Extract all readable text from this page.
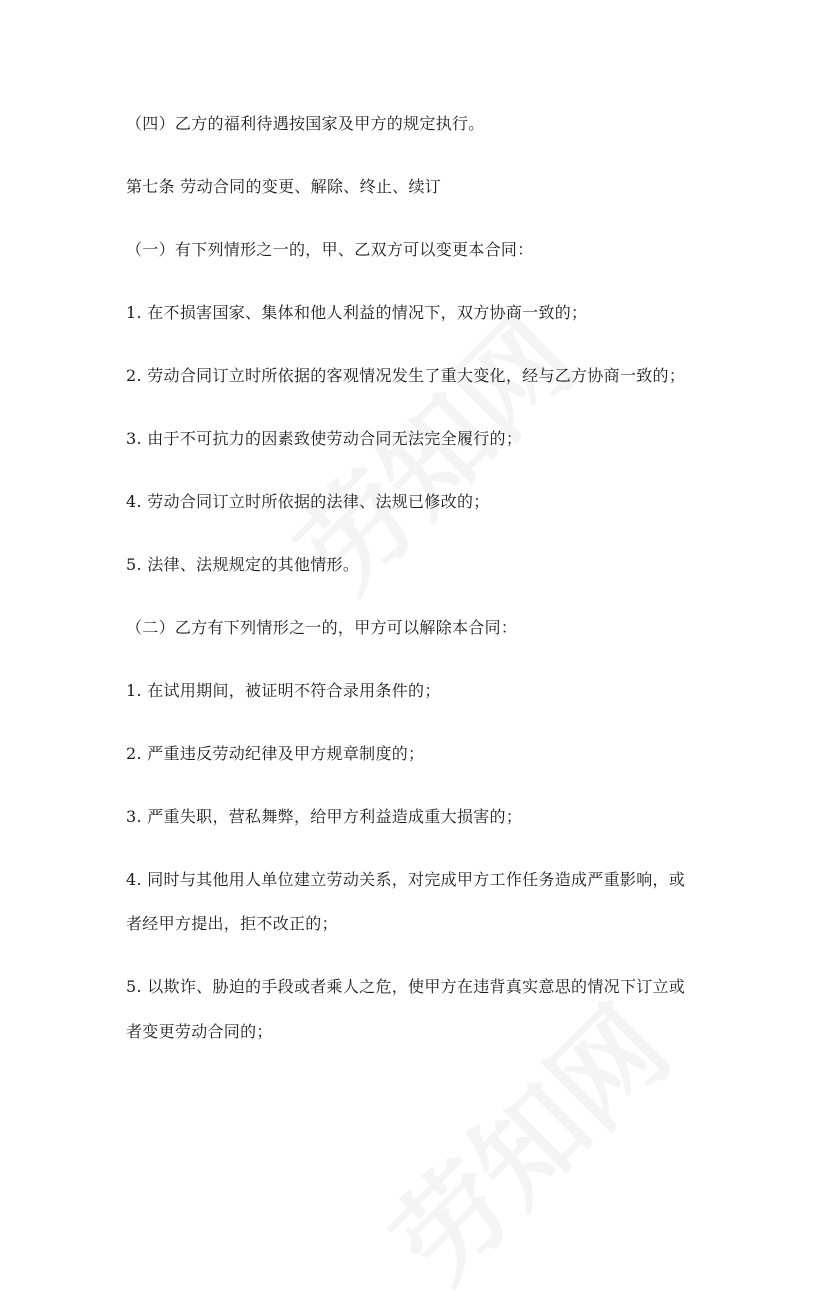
（四）乙方的福利待遇按国家及甲方的规定执行。
第七条 劳动合同的变更、解除、终止、续订
（一）有下列情形之一的，甲、乙双方可以变更本合同：
1. 在不损害国家、集体和他人利益的情况下，双方协商一致的；
2. 劳动合同订立时所依据的客观情况发生了重大变化，经与乙方协商一致的；
3. 由于不可抗力的因素致使劳动合同无法完全履行的；
4. 劳动合同订立时所依据的法律、法规已修改的；
5. 法律、法规规定的其他情形。
（二）乙方有下列情形之一的，甲方可以解除本合同：
1. 在试用期间，被证明不符合录用条件的；
2. 严重违反劳动纪律及甲方规章制度的；
3. 严重失职，营私舞弊，给甲方利益造成重大损害的；
4. 同时与其他用人单位建立劳动关系，对完成甲方工作任务造成严重影响，或
者经甲方提出，拒不改正的；
5. 以欺诈、胁迫的手段或者乘人之危，使甲方在违背真实意思的情况下订立或
者变更劳动合同的；
